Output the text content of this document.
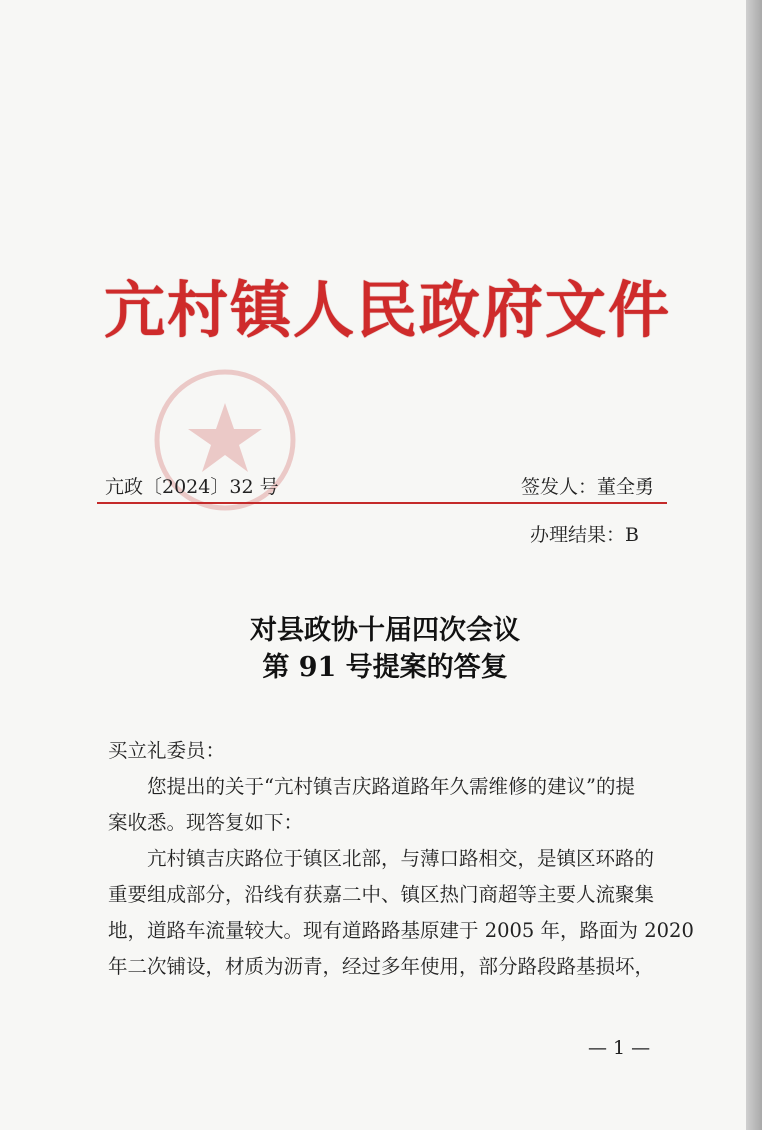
亢村镇人民政府文件
亢政〔2024〕32 号	签发人：董全勇
办理结果：B
对县政协十届四次会议
第 91 号提案的答复
买立礼委员：
您提出的关于“亢村镇吉庆路道路年久需维修的建议”的提
案收悉。现答复如下：
亢村镇吉庆路位于镇区北部，与薄口路相交，是镇区环路的
重要组成部分，沿线有获嘉二中、镇区热门商超等主要人流聚集
地，道路车流量较大。现有道路路基原建于 2005 年，路面为 2020
年二次铺设，材质为沥青，经过多年使用，部分路段路基损坏，
— 1 —
